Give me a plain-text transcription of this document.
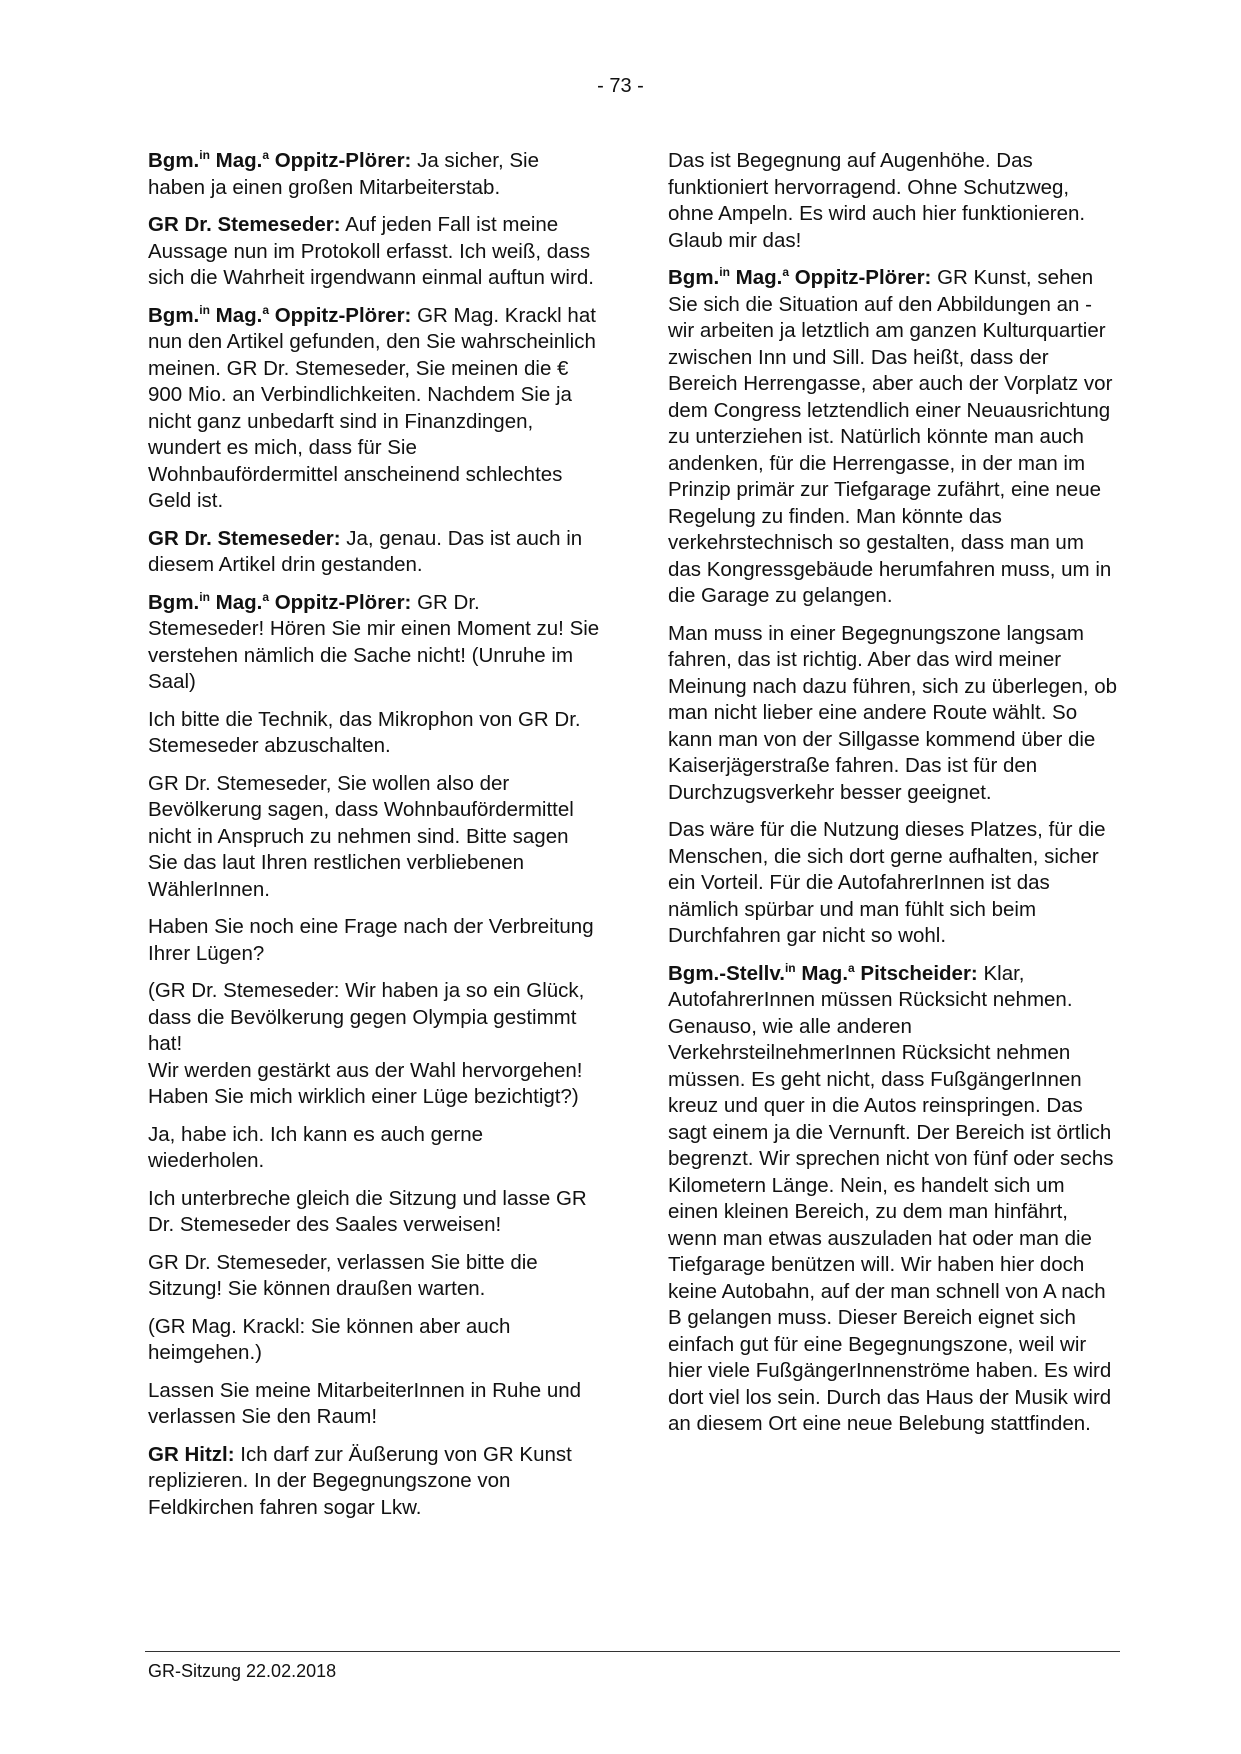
- 73 -

Bgm.$^{in}$ Mag.$^a$ Oppitz-Plörer: Ja sicher, Sie haben ja einen großen Mitarbeiterstab.

GR Dr. Stemeseder: Auf jeden Fall ist meine Aussage nun im Protokoll erfasst. Ich weiß, dass sich die Wahrheit irgendwann einmal auftun wird.

Bgm.$^{in}$ Mag.$^a$ Oppitz-Plörer: GR Mag. Krackl hat nun den Artikel gefunden, den Sie wahrscheinlich meinen. GR Dr. Stemeseder, Sie meinen die € 900 Mio. an Verbindlichkeiten. Nachdem Sie ja nicht ganz unbedarft sind in Finanzdingen, wundert es mich, dass für Sie Wohnbaufördermittel anscheinend schlechtes Geld ist.

GR Dr. Stemeseder: Ja, genau. Das ist auch in diesem Artikel drin gestanden.

Bgm.$^{in}$ Mag.$^a$ Oppitz-Plörer: GR Dr. Stemeseder! Hören Sie mir einen Moment zu! Sie verstehen nämlich die Sache nicht! (Unruhe im Saal)

Ich bitte die Technik, das Mikrophon von GR Dr. Stemeseder abzuschalten.

GR Dr. Stemeseder, Sie wollen also der Bevölkerung sagen, dass Wohnbaufördermittel nicht in Anspruch zu nehmen sind. Bitte sagen Sie das laut Ihren restlichen verbliebenen WählerInnen.

Haben Sie noch eine Frage nach der Verbreitung Ihrer Lügen?

(GR Dr. Stemeseder: Wir haben ja so ein Glück, dass die Bevölkerung gegen Olympia gestimmt hat!
Wir werden gestärkt aus der Wahl hervorgehen!
Haben Sie mich wirklich einer Lüge bezichtigt?)

Ja, habe ich. Ich kann es auch gerne wiederholen.

Ich unterbreche gleich die Sitzung und lasse GR Dr. Stemeseder des Saales verweisen!

GR Dr. Stemeseder, verlassen Sie bitte die Sitzung! Sie können draußen warten.

(GR Mag. Krackl: Sie können aber auch heimgehen.)

Lassen Sie meine MitarbeiterInnen in Ruhe und verlassen Sie den Raum!

GR Hitzl: Ich darf zur Äußerung von GR Kunst replizieren. In der Begegnungszone von Feldkirchen fahren sogar Lkw.

Das ist Begegnung auf Augenhöhe. Das funktioniert hervorragend. Ohne Schutzweg, ohne Ampeln. Es wird auch hier funktionieren. Glaub mir das!

Bgm.$^{in}$ Mag.$^a$ Oppitz-Plörer: GR Kunst, sehen Sie sich die Situation auf den Abbildungen an - wir arbeiten ja letztlich am ganzen Kulturquartier zwischen Inn und Sill. Das heißt, dass der Bereich Herrengasse, aber auch der Vorplatz vor dem Congress letztendlich einer Neuausrichtung zu unterziehen ist. Natürlich könnte man auch andenken, für die Herrengasse, in der man im Prinzip primär zur Tiefgarage zufährt, eine neue Regelung zu finden. Man könnte das verkehrstechnisch so gestalten, dass man um das Kongressgebäude herumfahren muss, um in die Garage zu gelangen.

Man muss in einer Begegnungszone langsam fahren, das ist richtig. Aber das wird meiner Meinung nach dazu führen, sich zu überlegen, ob man nicht lieber eine andere Route wählt. So kann man von der Sillgasse kommend über die Kaiserjägerstraße fahren. Das ist für den Durchzugsverkehr besser geeignet.

Das wäre für die Nutzung dieses Platzes, für die Menschen, die sich dort gerne aufhalten, sicher ein Vorteil. Für die AutofahrerInnen ist das nämlich spürbar und man fühlt sich beim Durchfahren gar nicht so wohl.

Bgm.-Stellv.$^{in}$ Mag.$^a$ Pitscheider: Klar, AutofahrerInnen müssen Rücksicht nehmen. Genauso, wie alle anderen VerkehrsteilnehmerInnen Rücksicht nehmen müssen. Es geht nicht, dass FußgängerInnen kreuz und quer in die Autos reinspringen. Das sagt einem ja die Vernunft. Der Bereich ist örtlich begrenzt. Wir sprechen nicht von fünf oder sechs Kilometern Länge. Nein, es handelt sich um einen kleinen Bereich, zu dem man hinfährt, wenn man etwas auszuladen hat oder man die Tiefgarage benützen will. Wir haben hier doch keine Autobahn, auf der man schnell von A nach B gelangen muss. Dieser Bereich eignet sich einfach gut für eine Begegnungszone, weil wir hier viele FußgängerInnenströme haben. Es wird dort viel los sein. Durch das Haus der Musik wird an diesem Ort eine neue Belebung stattfinden.

GR-Sitzung 22.02.2018
